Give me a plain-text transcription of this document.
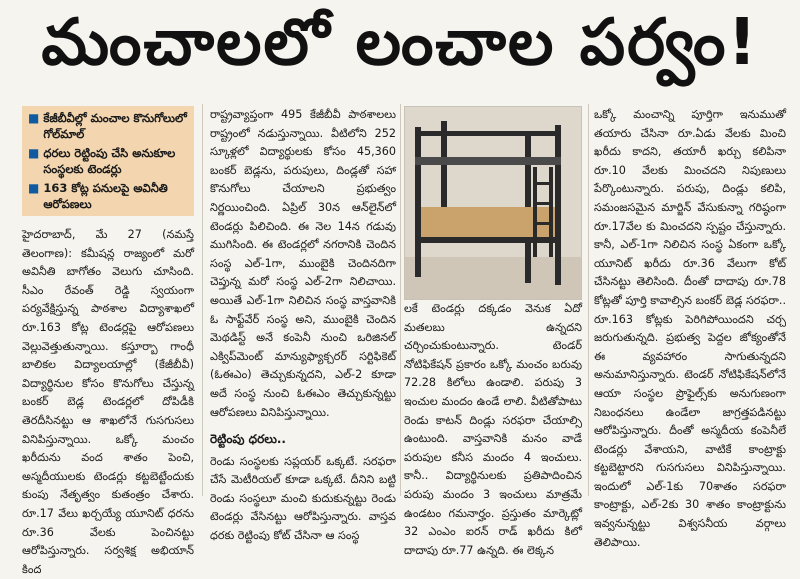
మంచాలలో లంచాల పర్వం!
■ కేజీబీవీల్లో మంచాల కొనుగోలులో గోల్‌మాల్
■ ధరలు రెట్టింపు చేసి అనుకూల సంస్థలకు టెండర్లు
■ 163 కోట్ల పనులపై అవినీతి ఆరోపణలు

హైదరాబాద్, మే 27 (నమస్తే తెలంగాణ): కమీషన్ల రాజ్యంలో మరో అవినీతి బాగోతం వెలుగు చూసింది. సీఎం రేవంత్ రెడ్డి స్వయంగా పర్యవేక్షిస్తున్న పాఠశాల విద్యాశాఖలో రూ.163 కోట్ల టెండర్లపై ఆరోపణలు వెల్లువెత్తుతున్నాయి. కస్తూర్బా గాంధీ బాలికల విద్యాలయాల్లో (కేజీబీవీ) విద్యార్థినుల కోసం కొనుగోలు చేస్తున్న బంకర్ బెడ్ల టెండర్లలో దోపిడీకి తెరదీసినట్టు ఆ శాఖలోనే గుసగుసలు వినిపిస్తున్నాయి. ఒక్కో మంచం ఖరీదును వంద శాతం పెంచి, అస్మదీయులకు టెండర్లు కట్టబెట్టేందుకు కుంపు నేతృత్వం కుతంత్రం చేశారు. రూ.17 వేలు ఖర్చయ్యే యూనిట్ ధరను రూ.36 వేలకు పెంచినట్టు ఆరోపిస్తున్నారు. సర్వశిక్ష అభియాన్ కింద

రాష్ట్రవ్యాప్తంగా 495 కేజీబీవీ పాఠశాలలు రాష్ట్రంలో నడుస్తున్నాయి. వీటిలోని 252 స్కూళ్లలో విద్యార్థులకు కోసం 45,360 బంకర్ బెడ్లను, పరుపులు, దిండ్లతో సహా కొనుగోలు చేయాలని ప్రభుత్వం నిర్ణయించింది. ఏప్రిల్ 30న ఆన్‌లైన్‌లో టెండర్లు పిలిచింది. ఈ నెల 14న గడువు ముగిసింది. ఈ టెండర్లలో నగరానికి చెందిన సంస్థ ఎల్-1గా, ముంబైకి చెందినదిగా చెప్తున్న మరో సంస్థ ఎల్-2గా నిలిచాయి. అయితే ఎల్-1గా నిలిచిన సంస్థ వాస్తవానికి ఓ సాఫ్ట్‌వేర్ సంస్థ అని, ముంబైకి చెందిన మెథడిస్ట్ అనే కంపెనీ నుంచి ఒరిజినల్ ఎక్విప్‌మెంట్ మాన్యుఫ్యాక్చరర్ సర్టిఫికెట్ (ఓఈఎం) తెచ్చుకున్నదని, ఎల్-2 కూడా అదే సంస్థ నుంచి ఓఈఎం తెచ్చుకున్నట్టు ఆరోపణలు వినిపిస్తున్నాయి.

రెట్టింపు ధరలు..

రెండు సంస్థలకు సప్లయర్ ఒక్కటే. సరఫరా చేసే మెటీరియల్ కూడా ఒక్కటే. దీనిని బట్టి రెండు సంస్థలూ మంచి కుదుకున్నట్టు రెండు టెండర్లు వేసినట్టు ఆరోపిస్తున్నారు. వాస్తవ ధరకు రెట్టింపు కోట్ చేసినా ఆ సంస్థ

లకే టెండర్లు దక్కడం వెనుక ఏదో మతలబు ఉన్నదని చర్చించుకుంటున్నారు. టెండర్ నోటిఫికేషన్ ప్రకారం ఒక్కో మంచం బరువు 72.28 కిలోలు ఉండాలి. పరుపు 3 ఇంచుల మందం ఉండే లాలి. వీటితోపాటు రెండు కాటన్ దిండ్లు సరఫరా చేయాల్సి ఉంటుంది. వాస్తవానికి మనం వాడే పరుపుల కనీస మందం 4 ఇంచులు. కానీ.. విద్యార్థినులకు ప్రతిపాదించిన పరుపు మందం 3 ఇంచులు మాత్రమే ఉండటం గమనార్హం. ప్రస్తుతం మార్కెట్లో 32 ఎంఎం ఐరన్ రాడ్ ఖరీదు కిలో దాదాపు రూ.77 ఉన్నది. ఈ లెక్కన

ఒక్కో మంచాన్ని పూర్తిగా ఇనుముతో తయారు చేసినా రూ.ఏడు వేలకు మించి ఖరీదు కాదని, తయారీ ఖర్చు కలిపినా రూ.10 వేలకు మించదని నిపుణులు పేర్కొంటున్నారు. పరుపు, దిండ్లు కలిపి, సమంజసమైన మార్జిన్ వేసుకున్నా గరిష్ఠంగా రూ.17వేల కు మించదని స్పష్టం చేస్తున్నారు. కానీ, ఎల్-1గా నిలిచిన సంస్థ ఏకంగా ఒక్కో యూనిట్ ఖరీదు రూ.36 వేలుగా కోట్ చేసినట్టు తెలిసింది. దీంతో దాదాపు రూ.78 కోట్లతో పూర్తి కావాల్సిన బంకర్ బెడ్ల సరఫరా.. రూ.163 కోట్లకు పెరిగిపోయిందని చర్చ జరుగుతున్నది. ప్రభుత్వ పెద్దల జోక్యంతోనే ఈ వ్యవహారం సాగుతున్నదని అనుమానిస్తున్నారు. టెండర్ నోటిఫికేషన్‌లోనే ఆయా సంస్థల ప్రొఫైల్స్‌కు అనుగుణంగా నిబంధనలు ఉండేలా జాగ్రత్తపడినట్టు ఆరోపిస్తున్నారు. దీంతో అస్మదీయ కంపెనీలే టెండర్లు వేశాయని, వాటికే కాంట్రాక్టు కట్టబెట్టారని గుసగుసలు వినిపిస్తున్నాయి. ఇందులో ఎల్-1కు 70శాతం సరఫరా కాంట్రాక్టు, ఎల్-2కు 30 శాతం కాంట్రాక్టును ఇవ్వనున్నట్టు విశ్వసనీయ వర్గాలు తెలిపాయి.
